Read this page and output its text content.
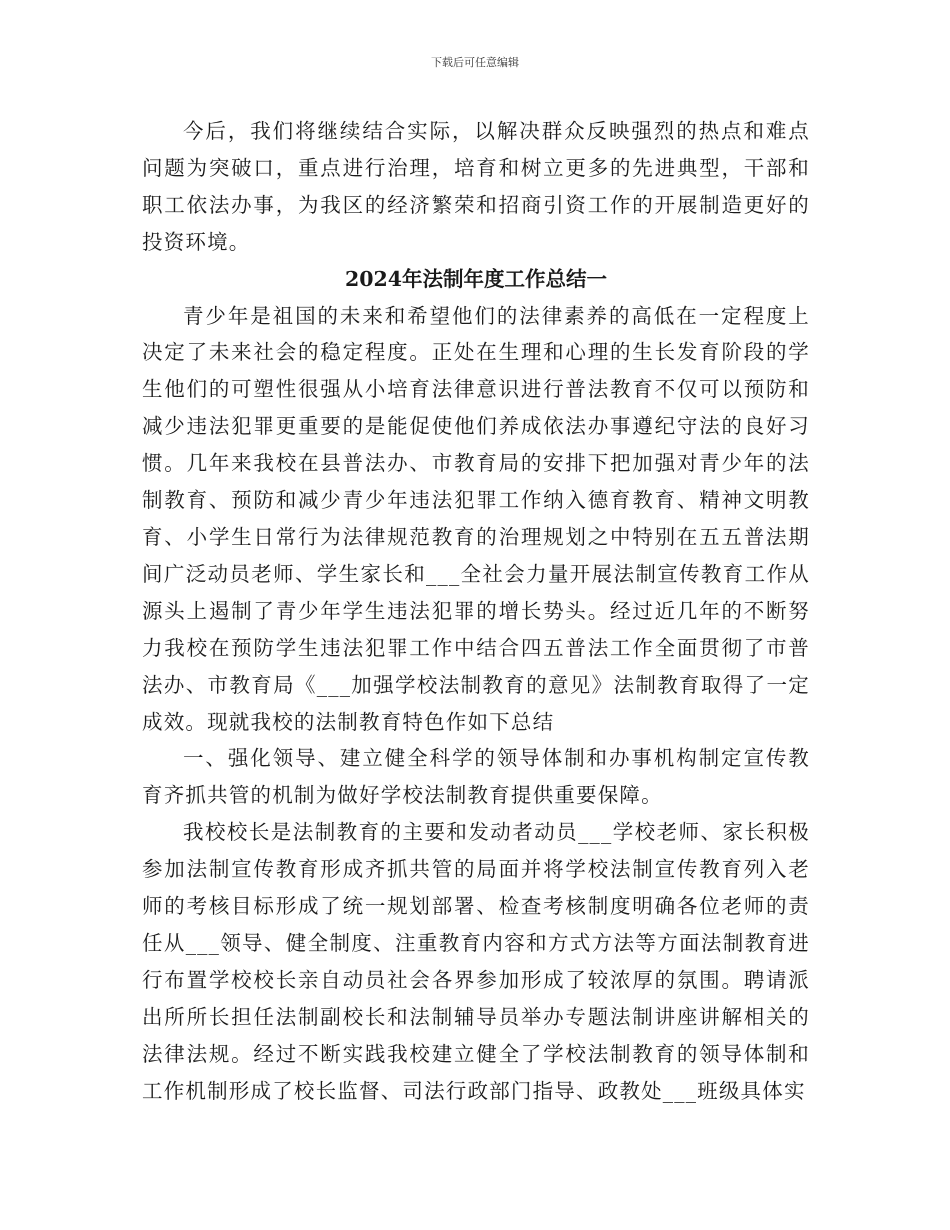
下载后可任意编辑

今后，我们将继续结合实际，以解决群众反映强烈的热点和难点问题为突破口，重点进行治理，培育和树立更多的先进典型，干部和职工依法办事，为我区的经济繁荣和招商引资工作的开展制造更好的投资环境。

2024年法制年度工作总结一

青少年是祖国的未来和希望他们的法律素养的高低在一定程度上决定了未来社会的稳定程度。正处在生理和心理的生长发育阶段的学生他们的可塑性很强从小培育法律意识进行普法教育不仅可以预防和减少违法犯罪更重要的是能促使他们养成依法办事遵纪守法的良好习惯。几年来我校在县普法办、市教育局的安排下把加强对青少年的法制教育、预防和减少青少年违法犯罪工作纳入德育教育、精神文明教育、小学生日常行为法律规范教育的治理规划之中特别在五五普法期间广泛动员老师、学生家长和___全社会力量开展法制宣传教育工作从源头上遏制了青少年学生违法犯罪的增长势头。经过近几年的不断努力我校在预防学生违法犯罪工作中结合四五普法工作全面贯彻了市普法办、市教育局《___加强学校法制教育的意见》法制教育取得了一定成效。现就我校的法制教育特色作如下总结

一、强化领导、建立健全科学的领导体制和办事机构制定宣传教育齐抓共管的机制为做好学校法制教育提供重要保障。

我校校长是法制教育的主要和发动者动员___学校老师、家长积极参加法制宣传教育形成齐抓共管的局面并将学校法制宣传教育列入老师的考核目标形成了统一规划部署、检查考核制度明确各位老师的责任从___领导、健全制度、注重教育内容和方式方法等方面法制教育进行布置学校校长亲自动员社会各界参加形成了较浓厚的氛围。聘请派出所所长担任法制副校长和法制辅导员举办专题法制讲座讲解相关的法律法规。经过不断实践我校建立健全了学校法制教育的领导体制和工作机制形成了校长监督、司法行政部门指导、政教处___班级具体实
